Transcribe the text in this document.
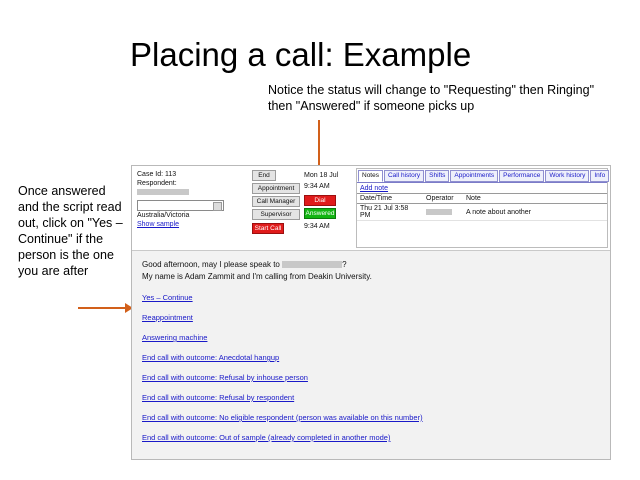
Placing a call: Example
Notice the status will change to "Requesting" then Ringing" then "Answered" if someone picks up
Once answered and the script read out, click on "Yes – Continue" if the person is the one you are after
Case Id: 113
Respondent:
Australia/Victoria
Show sample
End
Appointment
Call Manager
Supervisor
Start Call
Mon 18 Jul
9:34 AM
Dial
Answered
9:34 AM
Notes	Call history	Shifts	Appointments	Performance	Work history	Info
Add note
Date/Time	Operator	Note
Thu 21 Jul 3:58 PM		A note about another

Good afternoon, may I please speak to	?

My name is Adam Zammit and I'm calling from Deakin University.

Yes – Continue
Reappointment
Answering machine
End call with outcome: Anecdotal hangup
End call with outcome: Refusal by inhouse person
End call with outcome: Refusal by respondent
End call with outcome: No eligible respondent (person was available on this number)
End call with outcome: Out of sample (already completed in another mode)
